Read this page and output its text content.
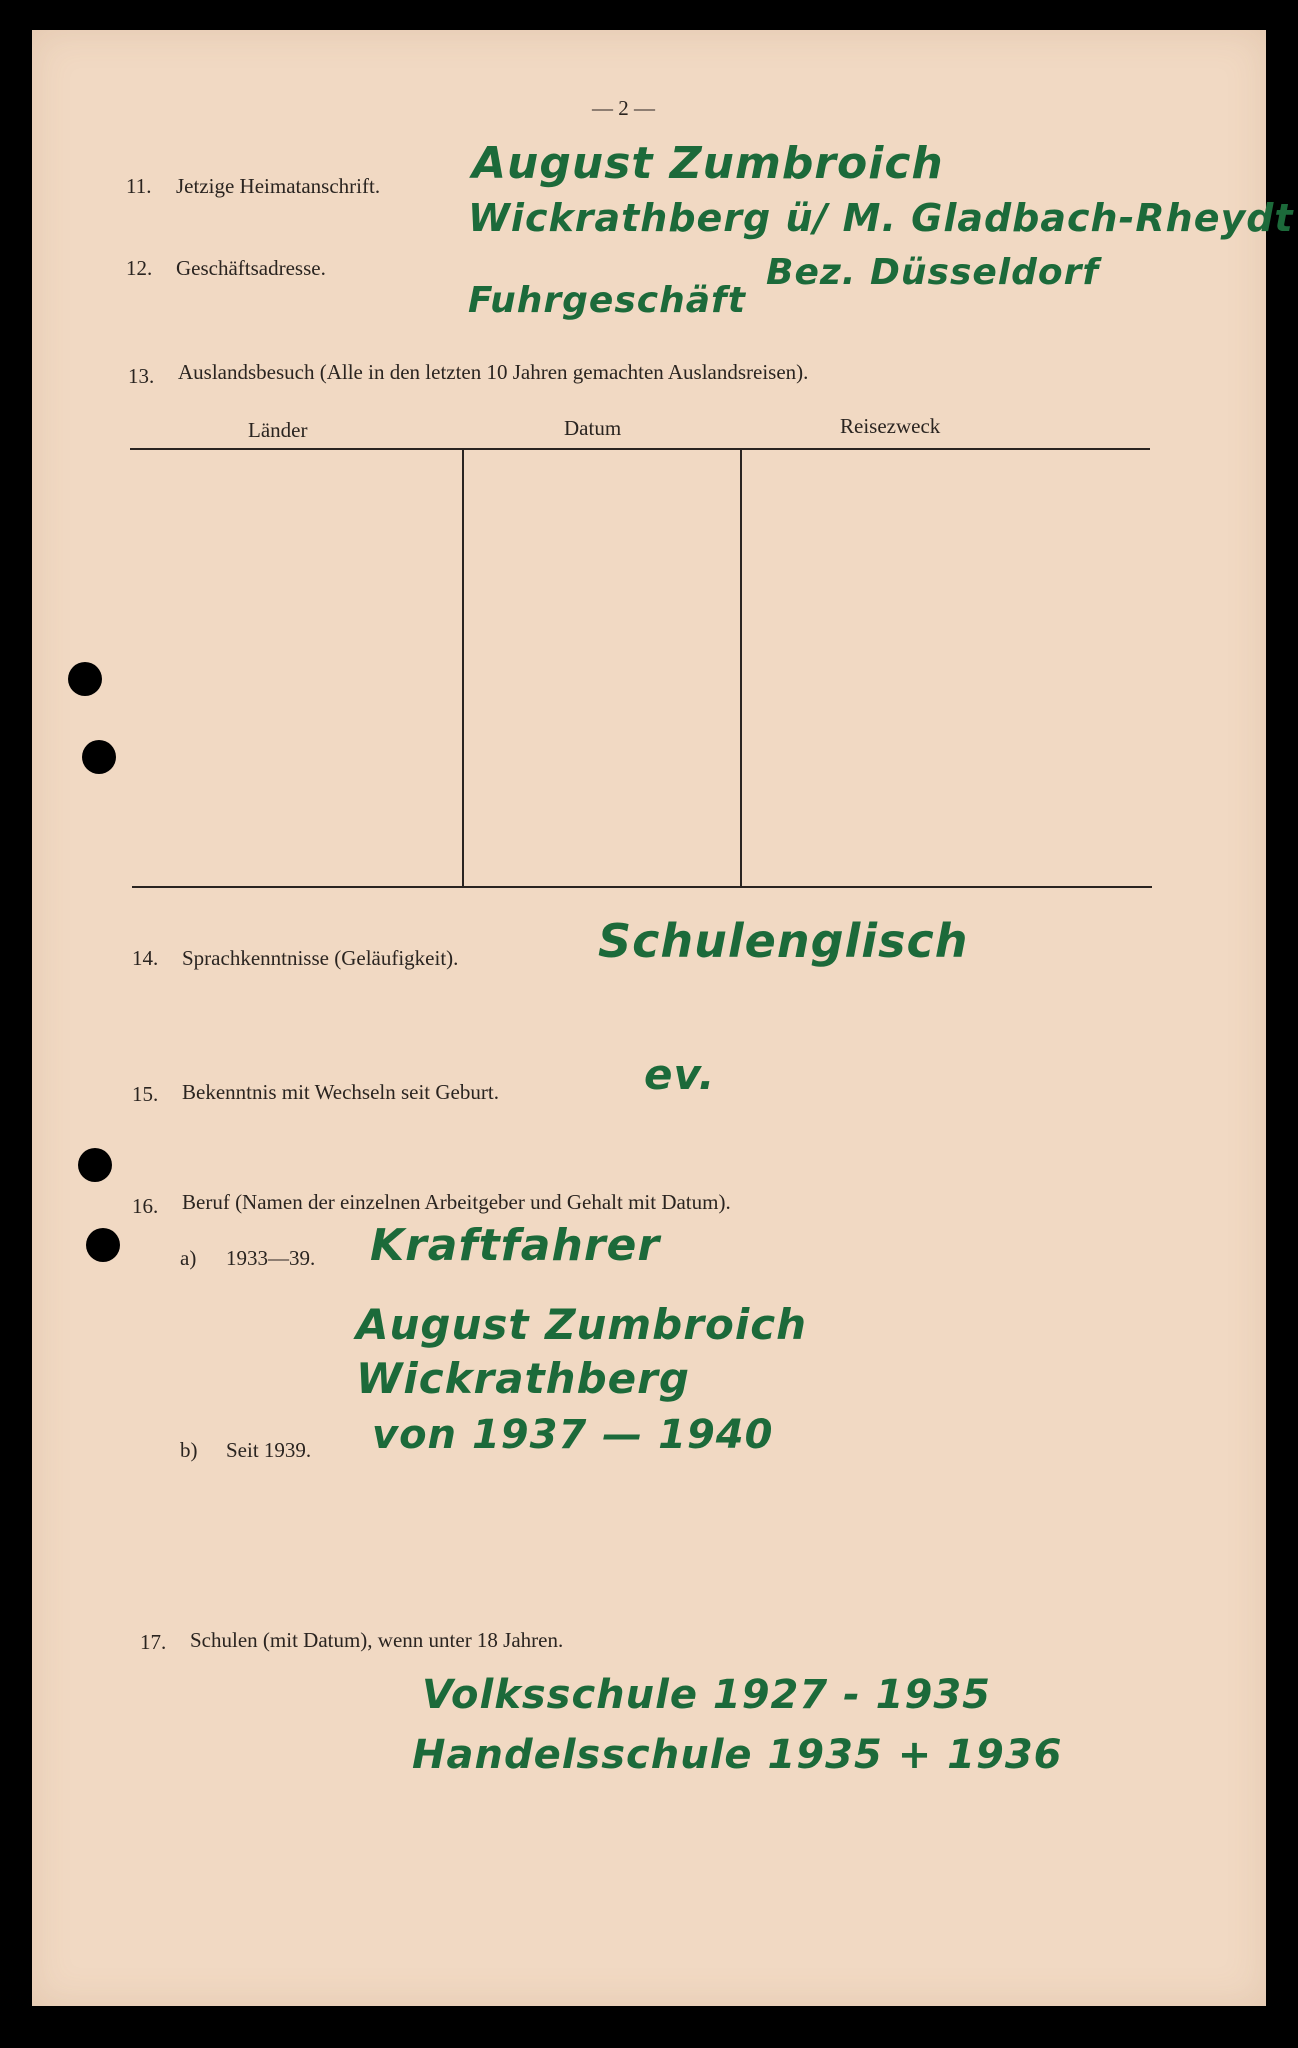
— 2 —
11. Jetzige Heimatanschrift. August Zumbroich
Wickrathberg ü/ M. Gladbach-Rheydt
12. Geschäftsadresse.
Fuhrgeschäft
Bez. Düsseldorf
13. Auslandsbesuch (Alle in den letzten 10 Jahren gemachten Auslandsreisen).
Länder	Datum	Reisezweck
14. Sprachkenntnisse (Geläufigkeit).	Schulenglisch
15. Bekenntnis mit Wechseln seit Geburt.	ev.
16. Beruf (Namen der einzelnen Arbeitgeber und Gehalt mit Datum).
a) 1933—39. Kraftfahrer
August Zumbroich
Wickrathberg
b) Seit 1939. von 1937 — 1940
17. Schulen (mit Datum), wenn unter 18 Jahren.
Volksschule 1927 - 1935
Handelsschule 1935 + 1936
